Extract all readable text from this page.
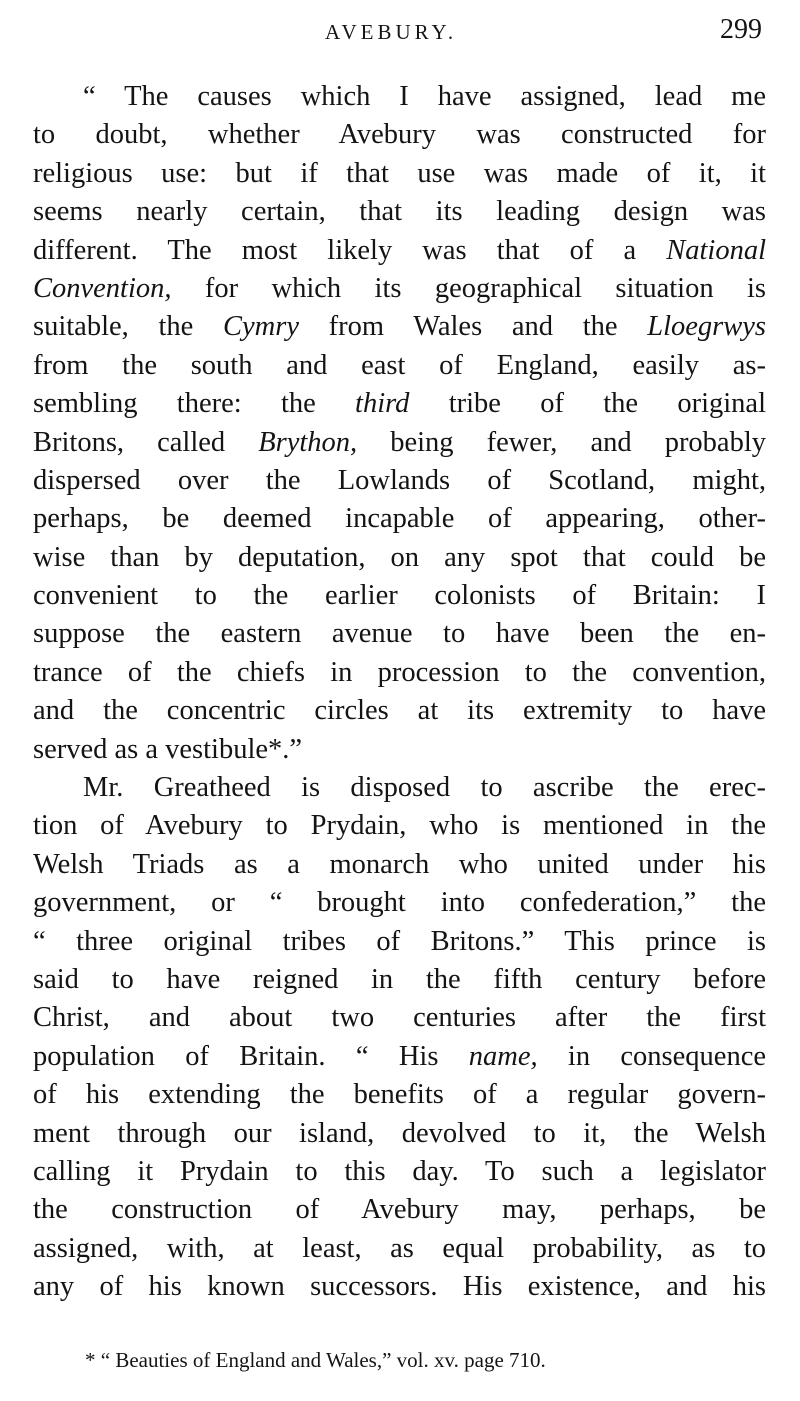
AVEBURY.	299
“ The causes which I have assigned, lead me
to doubt, whether Avebury was constructed for
religious use: but if that use was made of it, it
seems nearly certain, that its leading design was
different. The most likely was that of a National
Convention, for which its geographical situation is
suitable, the Cymry from Wales and the Lloegrwys
from the south and east of England, easily as-
sembling there: the third tribe of the original
Britons, called Brython, being fewer, and probably
dispersed over the Lowlands of Scotland, might,
perhaps, be deemed incapable of appearing, other-
wise than by deputation, on any spot that could be
convenient to the earlier colonists of Britain: I
suppose the eastern avenue to have been the en-
trance of the chiefs in procession to the convention,
and the concentric circles at its extremity to have
served as a vestibule*.”
Mr. Greatheed is disposed to ascribe the erec-
tion of Avebury to Prydain, who is mentioned in the
Welsh Triads as a monarch who united under his
government, or “ brought into confederation,” the
“ three original tribes of Britons.” This prince is
said to have reigned in the fifth century before
Christ, and about two centuries after the first
population of Britain. “ His name, in consequence
of his extending the benefits of a regular govern-
ment through our island, devolved to it, the Welsh
calling it Prydain to this day. To such a legislator
the construction of Avebury may, perhaps, be
assigned, with, at least, as equal probability, as to
any of his known successors. His existence, and his
* “ Beauties of England and Wales,” vol. xv. page 710.
